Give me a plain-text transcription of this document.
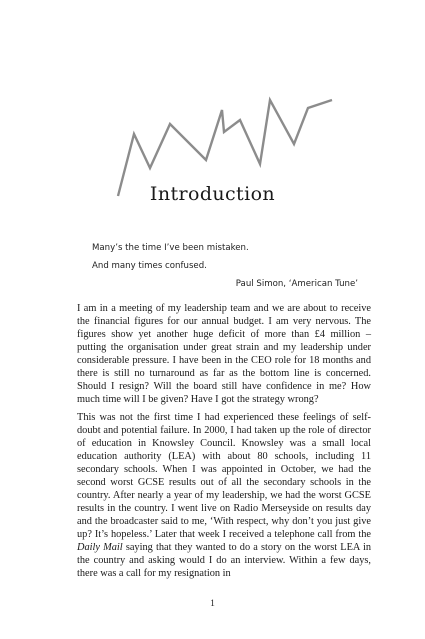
Introduction
Many’s the time I’ve been mistaken.
And many times confused.
Paul Simon, ‘American Tune’

I am in a meeting of my leadership team and we are about to receive the financial figures for our annual budget. I am very nervous. The figures show yet another huge deficit of more than £4 million – putting the organisation under great strain and my leadership under considerable pressure. I have been in the CEO role for 18 months and there is still no turnaround as far as the bottom line is concerned. Should I resign? Will the board still have confidence in me? How much time will I be given? Have I got the strategy wrong?

This was not the first time I had experienced these feelings of self-doubt and potential failure. In 2000, I had taken up the role of director of education in Knowsley Council. Knowsley was a small local education authority (LEA) with about 80 schools, including 11 secondary schools. When I was appointed in October, we had the second worst GCSE results out of all the secondary schools in the country. After nearly a year of my leadership, we had the worst GCSE results in the country. I went live on Radio Merseyside on results day and the broadcaster said to me, ‘With respect, why don’t you just give up? It’s hopeless.’ Later that week I received a telephone call from the Daily Mail saying that they wanted to do a story on the worst LEA in the country and asking would I do an interview. Within a few days, there was a call for my resignation in

1
